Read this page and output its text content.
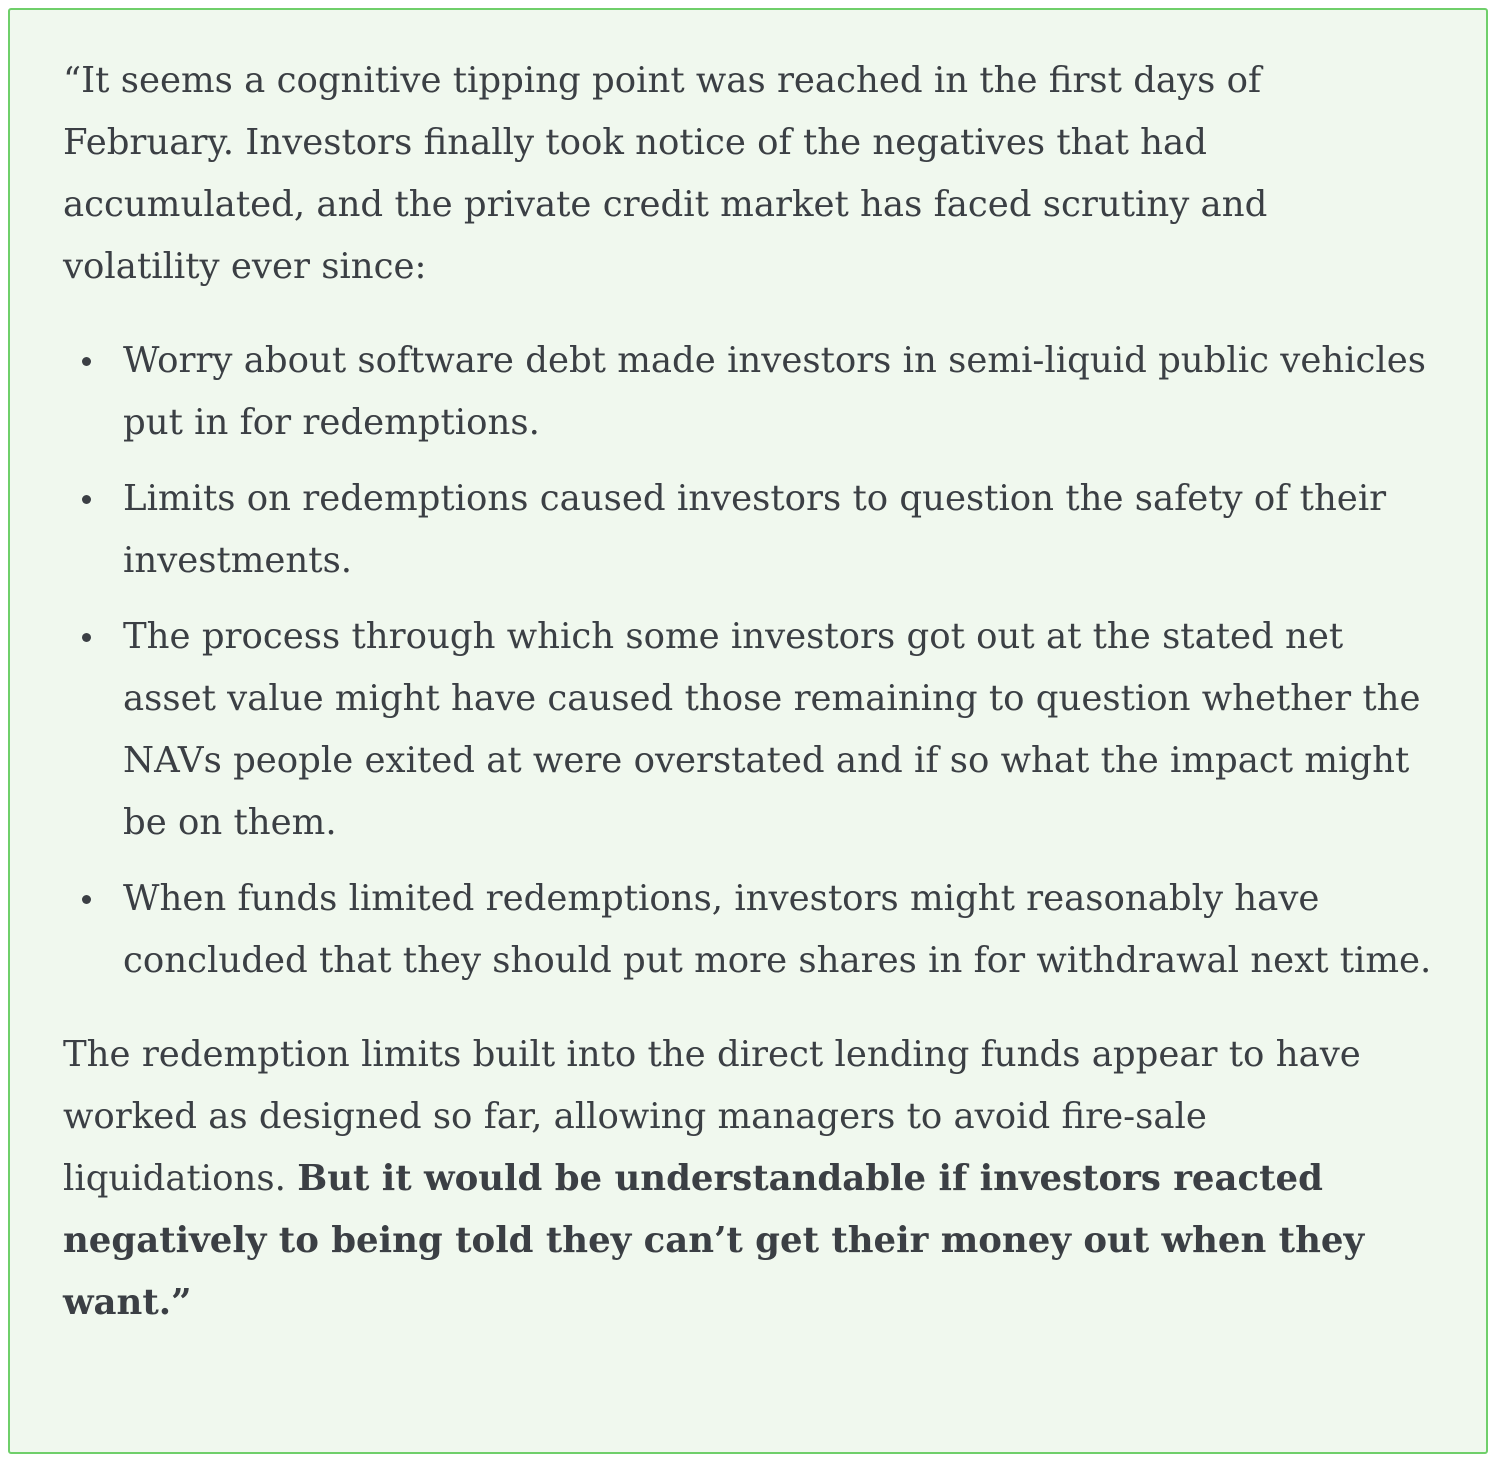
“It seems a cognitive tipping point was reached in the first days of February. Investors finally took notice of the negatives that had accumulated, and the private credit market has faced scrutiny and volatility ever since:

Worry about software debt made investors in semi-liquid public vehicles put in for redemptions.
Limits on redemptions caused investors to question the safety of their investments.
The process through which some investors got out at the stated net asset value might have caused those remaining to question whether the NAVs people exited at were overstated and if so what the impact might be on them.
When funds limited redemptions, investors might reasonably have concluded that they should put more shares in for withdrawal next time.

The redemption limits built into the direct lending funds appear to have worked as designed so far, allowing managers to avoid fire-sale liquidations. But it would be understandable if investors reacted negatively to being told they can’t get their money out when they want.”
